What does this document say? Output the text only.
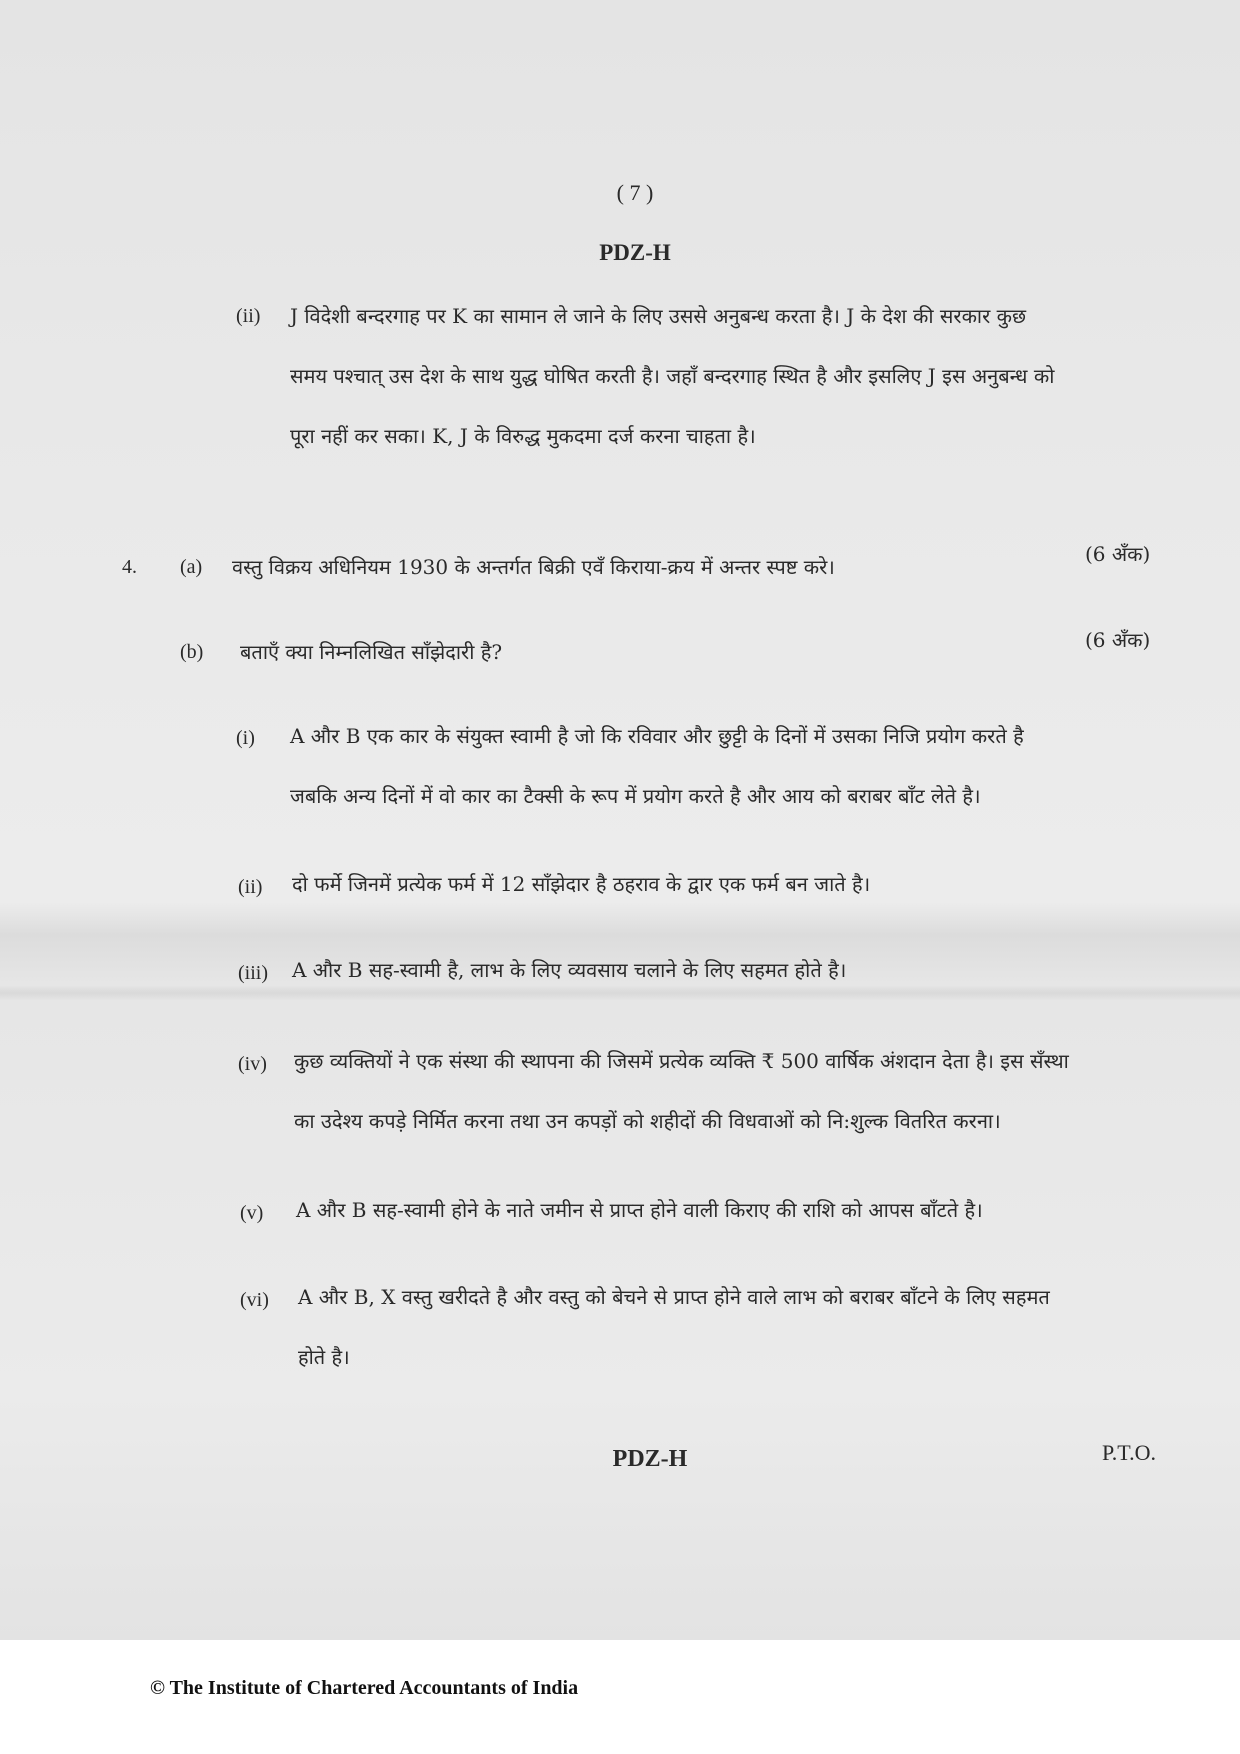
( 7 )
PDZ-H
(ii) J विदेशी बन्दरगाह पर K का सामान ले जाने के लिए उससे अनुबन्ध करता है। J के देश की सरकार कुछ
समय पश्चात् उस देश के साथ युद्ध घोषित करती है। जहाँ बन्दरगाह स्थित है और इसलिए J इस अनुबन्ध को
पूरा नहीं कर सका। K, J के विरुद्ध मुकदमा दर्ज करना चाहता है।
4. (a) वस्तु विक्रय अधिनियम 1930 के अन्तर्गत बिक्री एवँ किराया-क्रय में अन्तर स्पष्ट करे।
(6 अँक)
(b) बताएँ क्या निम्नलिखित साँझेदारी है?	(6 अँक)
(i) A और B एक कार के संयुक्त स्वामी है जो कि रविवार और छुट्टी के दिनों में उसका निजि प्रयोग करते है
जबकि अन्य दिनों में वो कार का टैक्सी के रूप में प्रयोग करते है और आय को बराबर बाँट लेते है।
(ii) दो फर्मे जिनमें प्रत्येक फर्म में 12 साँझेदार है ठहराव के द्वार एक फर्म बन जाते है।
(iii) A और B सह-स्वामी है, लाभ के लिए व्यवसाय चलाने के लिए सहमत होते है।
(iv) कुछ व्यक्तियों ने एक संस्था की स्थापना की जिसमें प्रत्येक व्यक्ति ₹ 500 वार्षिक अंशदान देता है। इस सँस्था
का उदेश्य कपड़े निर्मित करना तथा उन कपड़ों को शहीदों की विधवाओं को नि:शुल्क वितरित करना।
(v) A और B सह-स्वामी होने के नाते जमीन से प्राप्त होने वाली किराए की राशि को आपस बाँटते है।
(vi) A और B, X वस्तु खरीदते है और वस्तु को बेचने से प्राप्त होने वाले लाभ को बराबर बाँटने के लिए सहमत
होते है।
PDZ-H	P.T.O.
© The Institute of Chartered Accountants of India
